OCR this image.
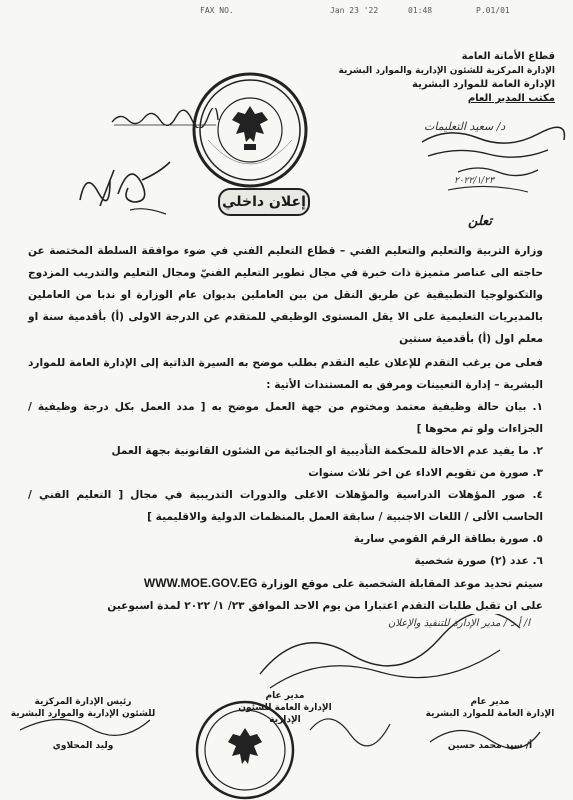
FAX NO.	Jan 23 '22	01:48	P.01/01
قطاع الأمانة العامة
الإدارة المركزية للشئون الإدارية والموارد البشرية
الإدارة العامة للموارد البشرية
مكتب المدير العام
د/ سعيد التعليمات
٢٠٢٢/١/٢٣
إعلان داخلي
تعلن

وزارة التربية والتعليم والتعليم الفني – قطاع التعليم الفني في ضوء موافقة السلطة المختصة عن حاجته الى عناصر متميزة ذات خبرة في مجال تطوير التعليم الفنيّ ومجال التعليم والتدريب المزدوج والتكنولوجيا التطبيقية عن طريق النقل من بين العاملين بديوان عام الوزارة او ندبا من العاملين بالمديريات التعليمية على الا يقل المستوى الوظيفي للمتقدم عن الدرجة الاولى (أ) بأقدمية سنة او معلم اول (أ) بأقدمية سنتين

فعلى من يرغب التقدم للإعلان عليه التقدم بطلب موضح به السيرة الذاتية إلى الإدارة العامة للموارد البشرية – إدارة التعيينات ومرفق به المستندات الأتية :

١. بيان حالة وظيفية معتمد ومختوم من جهة العمل موضح به [ مدد العمل بكل درجة وظيفية / الجزاءات ولو تم محوها ]
٢. ما يفيد عدم الاحالة للمحكمة التأديبية او الجنائية من الشئون القانونية بجهة العمل
٣. صورة من تقويم الاداء عن اخر ثلاث سنوات
٤. صور المؤهلات الدراسية والمؤهلات الاعلى والدورات التدريبية في مجال [ التعليم الفني / الحاسب الألى / اللغات الاجنبية / سابقة العمل بالمنظمات الدولية والاقليمية ]
٥. صورة بطاقة الرقم القومي سارية
٦. عدد (٢) صورة شخصية

سيتم تحديد موعد المقابلة الشخصية على موقع الوزارة WWW.MOE.GOV.EG

على ان تقبل طلبات التقدم اعتبارا من يوم الاحد الموافق ٢٣/ ١/ ٢٠٢٢ لمدة اسبوعين

ا/ أ.د / مدير الإدارة للتنفيذ والإعلان
مدير عام
الإدارة العامة للموارد البشرية
أ/ سيد محمد حسين
مدير عام
الإدارة العامة للشئون الإدارية
رئيس الإدارة المركزية
للشئون الإدارية والموارد البشرية
وليد المحلاوي
